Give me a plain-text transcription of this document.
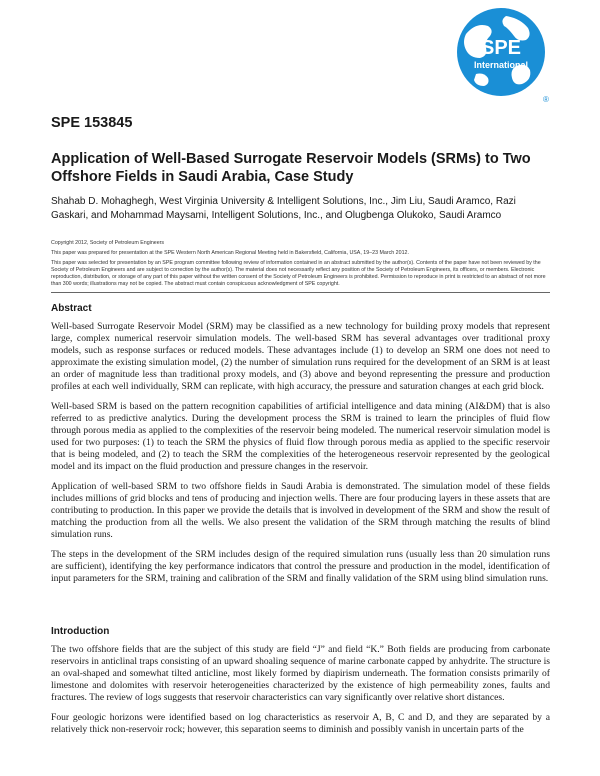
SPE
International
®
SPE 153845
Application of Well-Based Surrogate Reservoir Models (SRMs) to Two Offshore Fields in Saudi Arabia, Case Study
Shahab D. Mohaghegh, West Virginia University & Intelligent Solutions, Inc., Jim Liu, Saudi Aramco, Razi Gaskari, and Mohammad Maysami, Intelligent Solutions, Inc., and Olugbenga Olukoko, Saudi Aramco

Copyright 2012, Society of Petroleum Engineers

This paper was prepared for presentation at the SPE Western North American Regional Meeting held in Bakersfield, California, USA, 19–23 March 2012.

This paper was selected for presentation by an SPE program committee following review of information contained in an abstract submitted by the author(s). Contents of the paper have not been reviewed by the Society of Petroleum Engineers and are subject to correction by the author(s). The material does not necessarily reflect any position of the Society of Petroleum Engineers, its officers, or members. Electronic reproduction, distribution, or storage of any part of this paper without the written consent of the Society of Petroleum Engineers is prohibited. Permission to reproduce in print is restricted to an abstract of not more than 300 words; illustrations may not be copied. The abstract must contain conspicuous acknowledgment of SPE copyright.

Abstract

Well-based Surrogate Reservoir Model (SRM) may be classified as a new technology for building proxy models that represent large, complex numerical reservoir simulation models. The well-based SRM has several advantages over traditional proxy models, such as response surfaces or reduced models. These advantages include (1) to develop an SRM one does not need to approximate the existing simulation model, (2) the number of simulation runs required for the development of an SRM is at least an order of magnitude less than traditional proxy models, and (3) above and beyond representing the pressure and production profiles at each well individually, SRM can replicate, with high accuracy, the pressure and saturation changes at each grid block.

Well-based SRM is based on the pattern recognition capabilities of artificial intelligence and data mining (AI&DM) that is also referred to as predictive analytics. During the development process the SRM is trained to learn the principles of fluid flow through porous media as applied to the complexities of the reservoir being modeled. The numerical reservoir simulation model is used for two purposes: (1) to teach the SRM the physics of fluid flow through porous media as applied to the specific reservoir that is being modeled, and (2) to teach the SRM the complexities of the heterogeneous reservoir represented by the geological model and its impact on the fluid production and pressure changes in the reservoir.

Application of well-based SRM to two offshore fields in Saudi Arabia is demonstrated. The simulation model of these fields includes millions of grid blocks and tens of producing and injection wells. There are four producing layers in these assets that are contributing to production. In this paper we provide the details that is involved in development of the SRM and show the result of matching the production from all the wells. We also present the validation of the SRM through matching the results of blind simulation runs.

The steps in the development of the SRM includes design of the required simulation runs (usually less than 20 simulation runs are sufficient), identifying the key performance indicators that control the pressure and production in the model, identification of input parameters for the SRM, training and calibration of the SRM and finally validation of the SRM using blind simulation runs.

Introduction

The two offshore fields that are the subject of this study are field “J” and field “K.” Both fields are producing from carbonate reservoirs in anticlinal traps consisting of an upward shoaling sequence of marine carbonate capped by anhydrite. The structure is an oval-shaped and somewhat tilted anticline, most likely formed by diapirism underneath. The formation consists primarily of limestone and dolomites with reservoir heterogeneities characterized by the existence of high permeability zones, faults and fractures. The review of logs suggests that reservoir characteristics can vary significantly over relative short distances.

Four geologic horizons were identified based on log characteristics as reservoir A, B, C and D, and they are separated by a relatively thick non-reservoir rock; however, this separation seems to diminish and possibly vanish in uncertain parts of the
